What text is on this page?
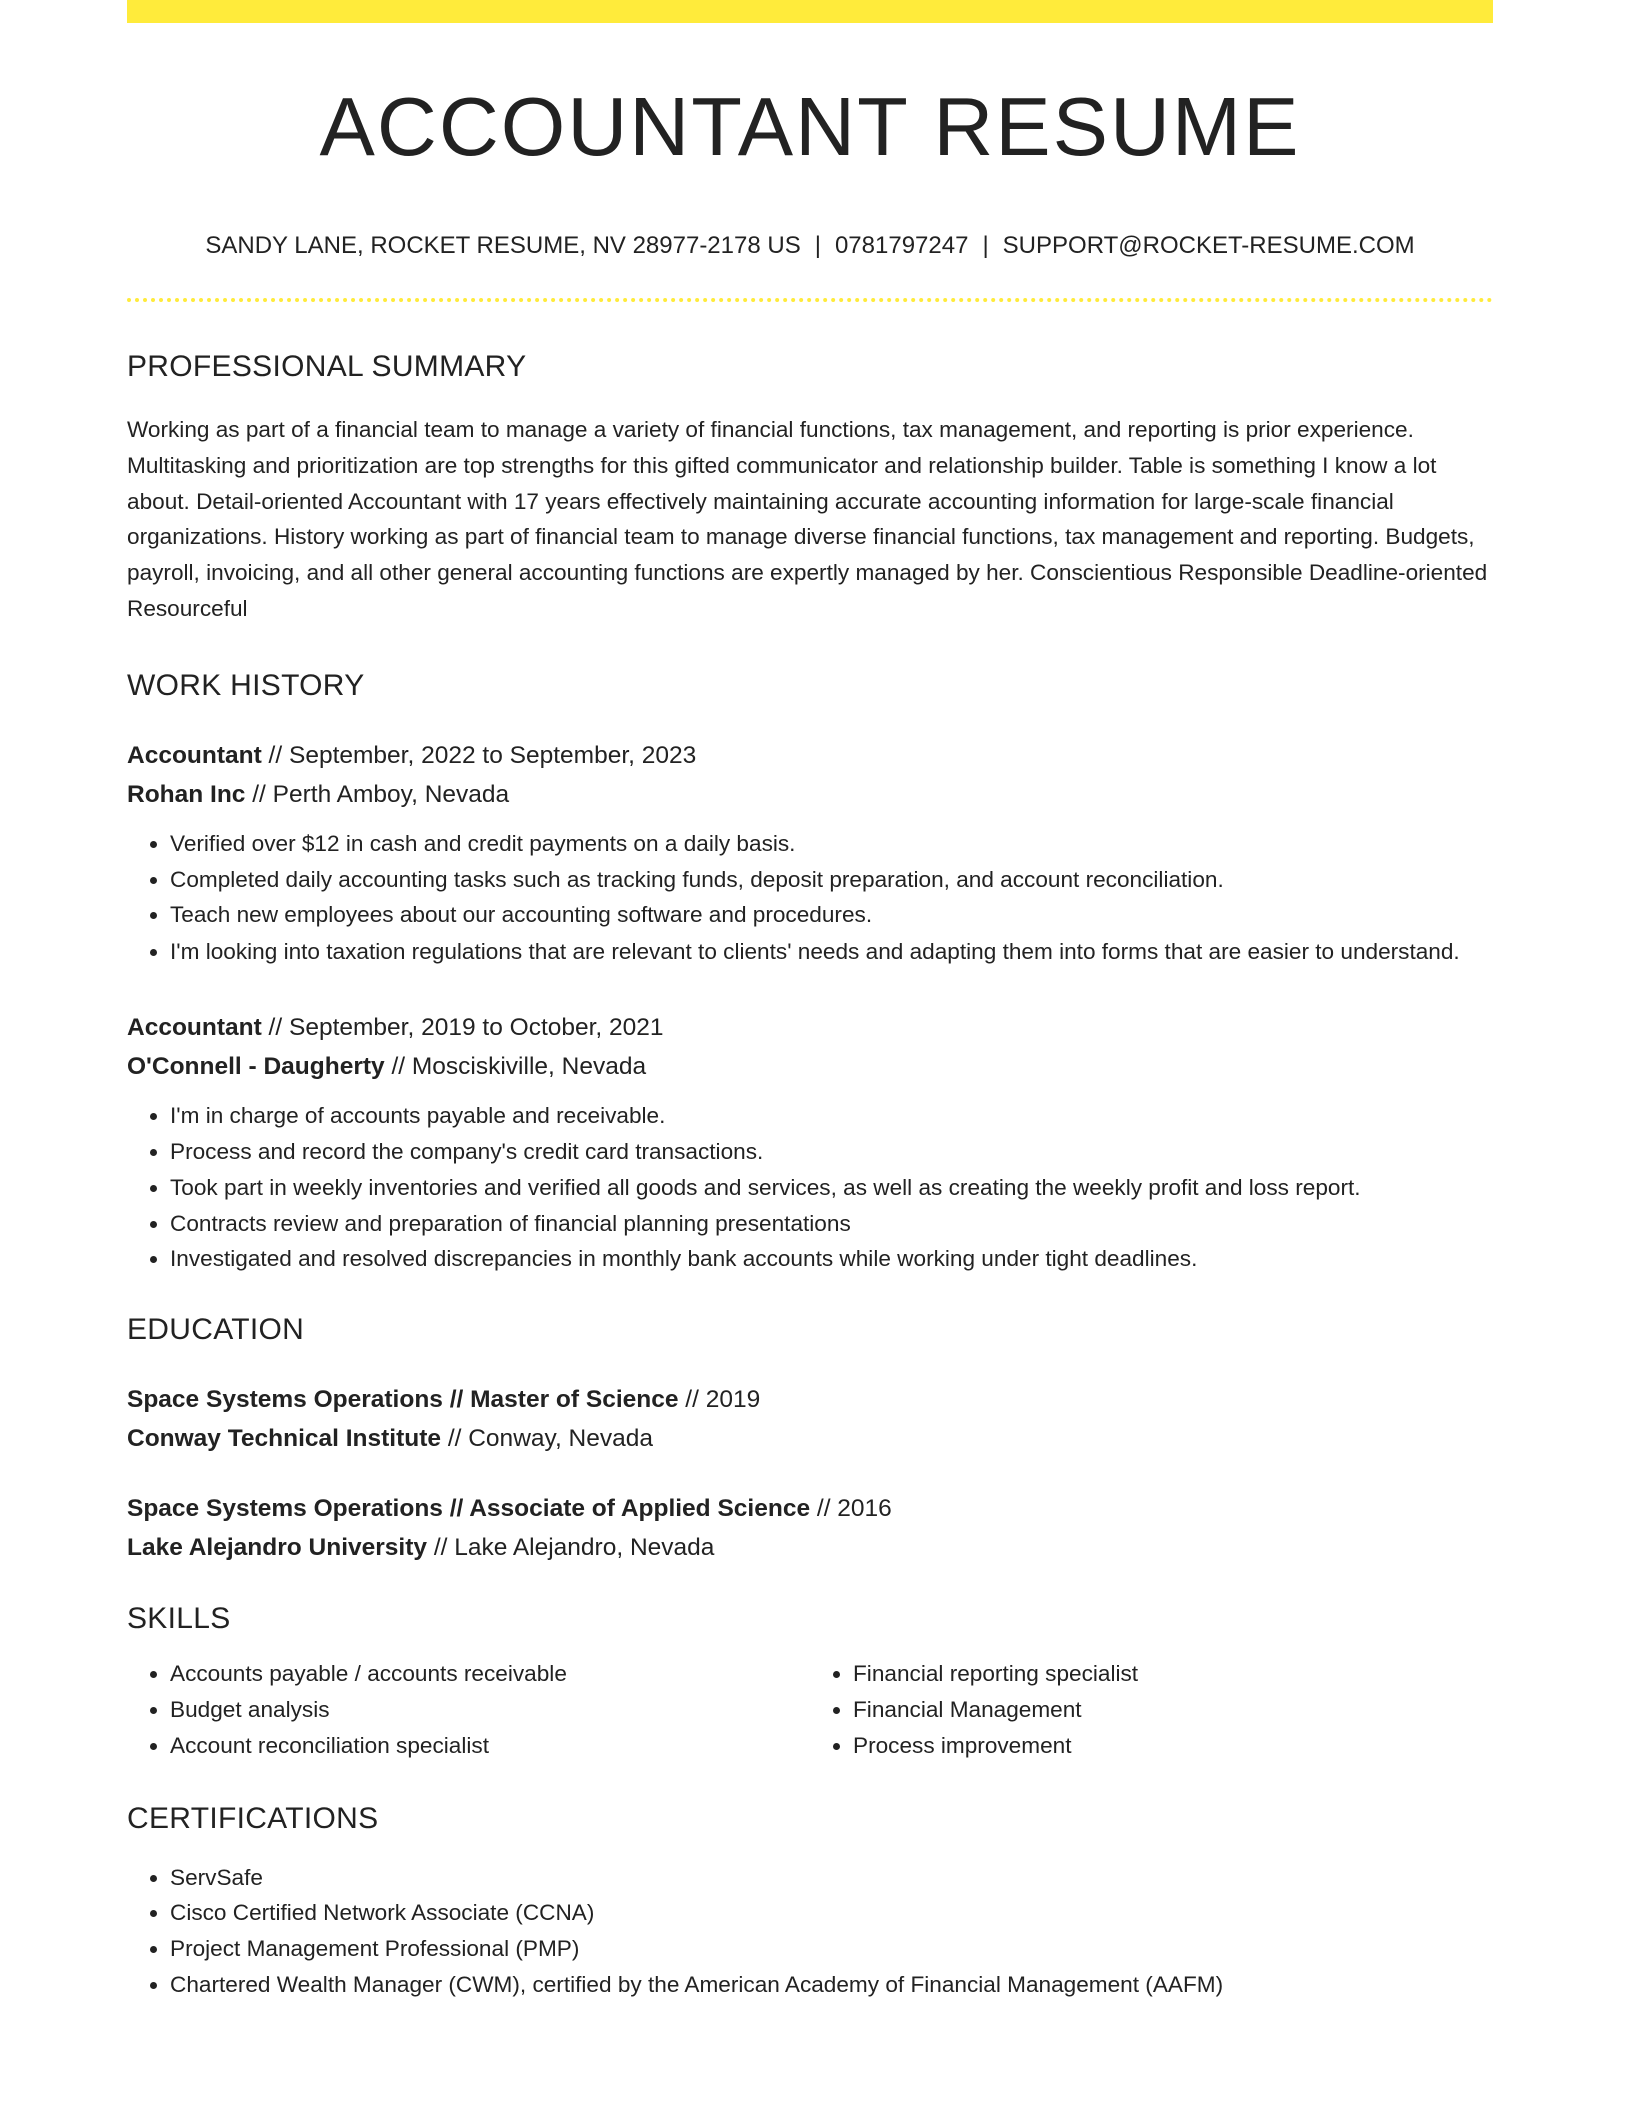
ACCOUNTANT RESUME
SANDY LANE, ROCKET RESUME, NV 28977-2178 US | 0781797247 | SUPPORT@ROCKET-RESUME.COM
PROFESSIONAL SUMMARY

Working as part of a financial team to manage a variety of financial functions, tax management, and reporting is prior experience. Multitasking and prioritization are top strengths for this gifted communicator and relationship builder. Table is something I know a lot about. Detail-oriented Accountant with 17 years effectively maintaining accurate accounting information for large-scale financial organizations. History working as part of financial team to manage diverse financial functions, tax management and reporting. Budgets, payroll, invoicing, and all other general accounting functions are expertly managed by her. Conscientious Responsible Deadline-oriented Resourceful

WORK HISTORY
Accountant // September, 2022 to September, 2023
Rohan Inc // Perth Amboy, Nevada
• Verified over $12 in cash and credit payments on a daily basis.
• Completed daily accounting tasks such as tracking funds, deposit preparation, and account reconciliation.
• Teach new employees about our accounting software and procedures.
• I'm looking into taxation regulations that are relevant to clients' needs and adapting them into forms that are easier to understand.
Accountant // September, 2019 to October, 2021
O'Connell - Daugherty // Mosciskiville, Nevada
• I'm in charge of accounts payable and receivable.
• Process and record the company's credit card transactions.
• Took part in weekly inventories and verified all goods and services, as well as creating the weekly profit and loss report.
• Contracts review and preparation of financial planning presentations
• Investigated and resolved discrepancies in monthly bank accounts while working under tight deadlines.
EDUCATION
Space Systems Operations // Master of Science // 2019
Conway Technical Institute // Conway, Nevada
Space Systems Operations // Associate of Applied Science // 2016
Lake Alejandro University // Lake Alejandro, Nevada
SKILLS
• Accounts payable / accounts receivable
• Budget analysis
• Account reconciliation specialist
• Financial reporting specialist
• Financial Management
• Process improvement
CERTIFICATIONS
• ServSafe
• Cisco Certified Network Associate (CCNA)
• Project Management Professional (PMP)
• Chartered Wealth Manager (CWM), certified by the American Academy of Financial Management (AAFM)
